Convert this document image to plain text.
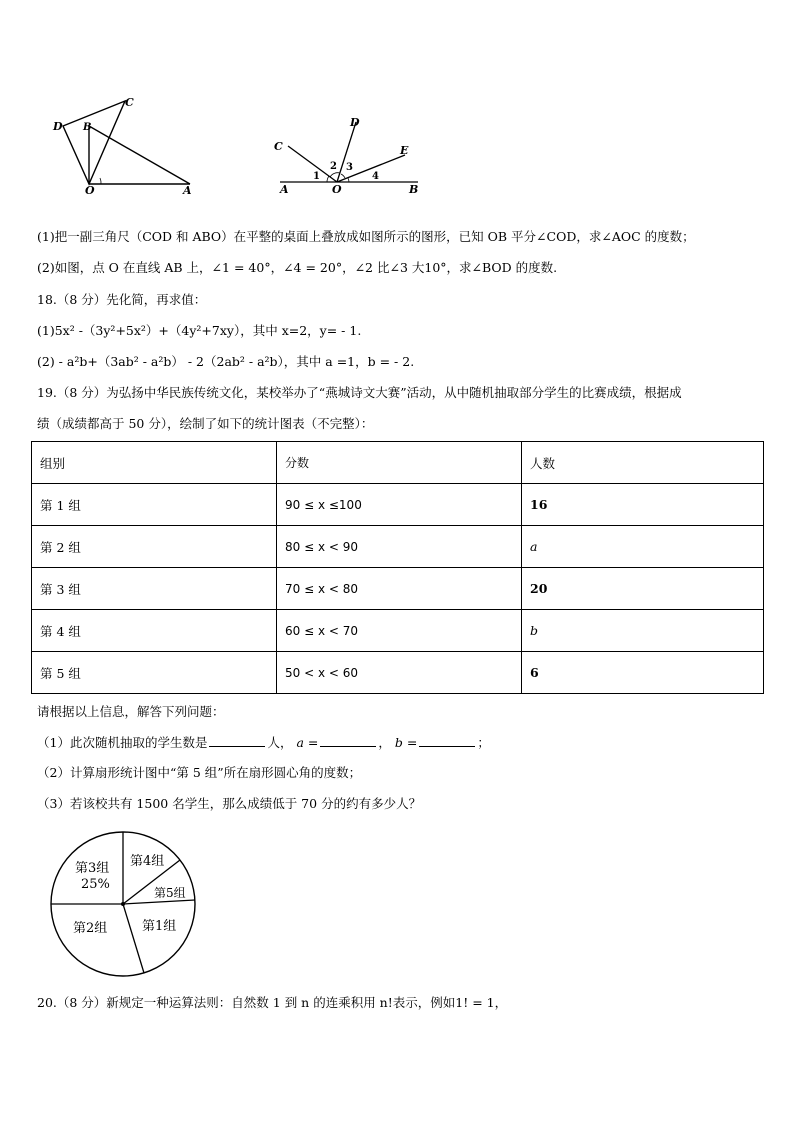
D B
C
O	A	A	O	B
C
D
E
1
2 3
4
(1)把一副三角尺（COD 和 ABO）在平整的桌面上叠放成如图所示的图形，已知 OB 平分∠COD，求∠AOC 的度数；
(2)如图，点 O 在直线 AB 上，∠1 = 40°，∠4 = 20°，∠2 比∠3 大10°，求∠BOD 的度数.
18.（8 分）先化简，再求值：
(1)5x² -（3y²+5x²）+（4y²+7xy），其中 x=2，y= - 1.
(2) - a²b+（3ab² - a²b） - 2（2ab² - a²b），其中 a =1，b = - 2.
19.（8 分）为弘扬中华民族传统文化，某校举办了“燕城诗文大赛”活动，从中随机抽取部分学生的比赛成绩，根据成
绩（成绩都高于 50 分），绘制了如下的统计图表（不完整）：
组别	分数	人数
第 1 组	90 ≤ x ≤100	16
第 2 组	80 ≤ x < 90	a
第 3 组	70 ≤ x < 80	20
第 4 组	60 ≤ x < 70	b
第 5 组	50 < x < 60	6
请根据以上信息，解答下列问题：
（1）此次随机抽取的学生数是	人， a =	， b =	；
（2）计算扇形统计图中“第 5 组”所在扇形圆心角的度数；
（3）若该校共有 1500 名学生，那么成绩低于 70 分的约有多少人？
第3组
25%
第4组
第5组
第2组	第1组
20.（8 分）新规定一种运算法则：自然数 1 到 n 的连乘积用 n!表示，例如1! = 1，
